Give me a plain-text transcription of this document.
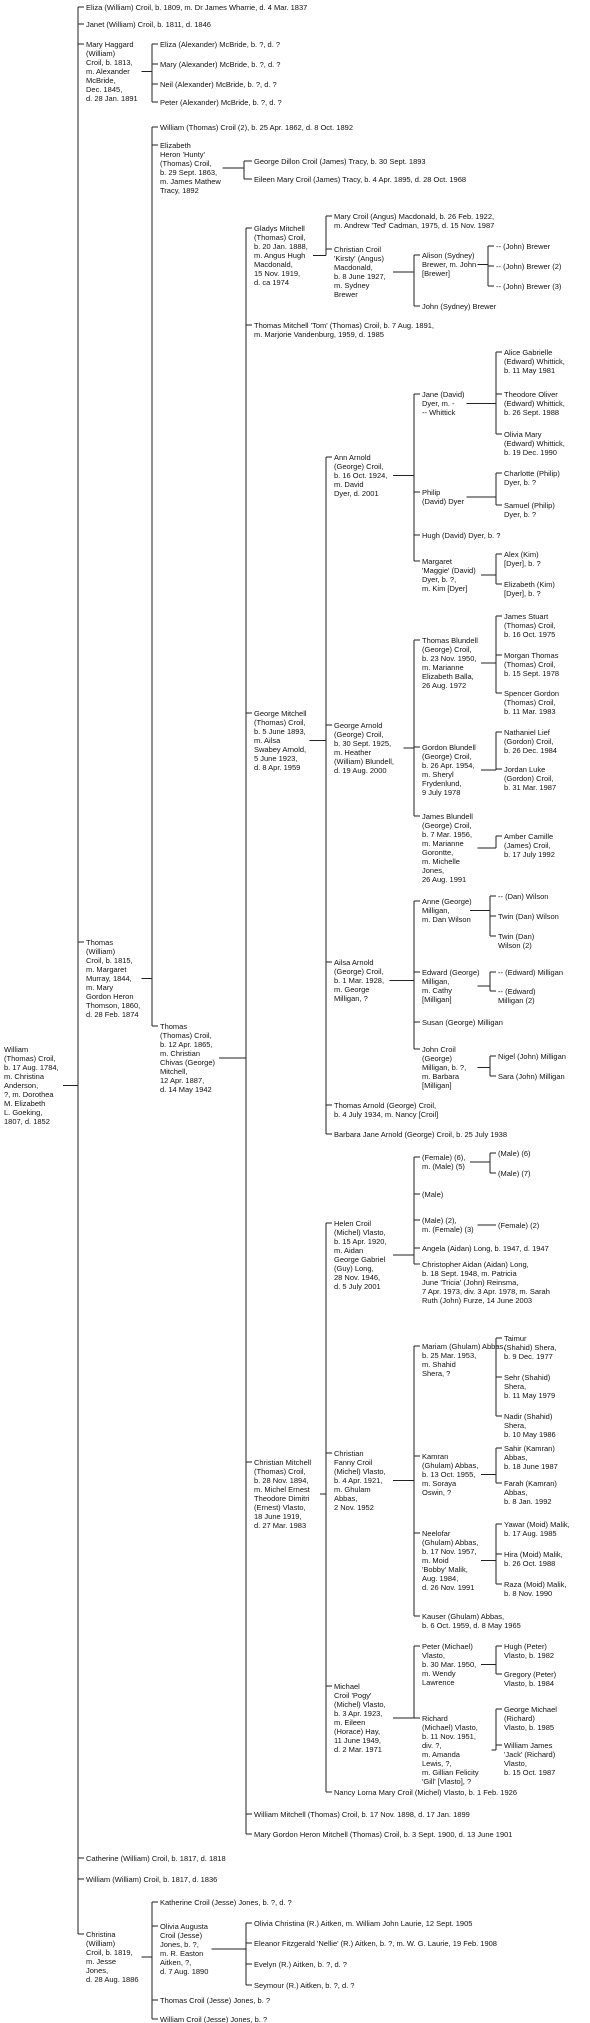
William (Thomas) Croil, b. 17 Aug. 1784, m. Christina Anderson, ?, m. Dorothea M. Elizabeth L. Goeking, 1807, d. 1852
Eliza (William) Croil, b. 1809, m. Dr James Wharrie, d. 4 Mar. 1837
Janet (William) Croil, b. 1811, d. 1846
Mary Haggard (William) Croil, b. 1813, m. Alexander McBride, Dec. 1845, d. 28 Jan. 1891
Eliza (Alexander) McBride, b. ?, d. ?
Mary (Alexander) McBride, b. ?, d. ?
Neil (Alexander) McBride, b. ?, d. ?
Peter (Alexander) McBride, b. ?, d. ?
Thomas (William) Croil, b. 1815, m. Margaret Murray, 1844, m. Mary Gordon Heron Thomson, 1860, d. 28 Feb. 1874
William (Thomas) Croil (2), b. 25 Apr. 1862, d. 8 Oct. 1892
Elizabeth Heron 'Hunty' (Thomas) Croil, b. 29 Sept. 1863, m. James Mathew Tracy, 1892
George Dillon Croil (James) Tracy, b. 30 Sept. 1893
Eileen Mary Croil (James) Tracy, b. 4 Apr. 1895, d. 28 Oct. 1968
Thomas (Thomas) Croil, b. 12 Apr. 1865, m. Christian Chivas (George) Mitchell, 12 Apr. 1887, d. 14 May 1942
Gladys Mitchell (Thomas) Croil, b. 20 Jan. 1888, m. Angus Hugh Macdonald, 15 Nov. 1919, d. ca 1974
Mary Croil (Angus) Macdonald, b. 26 Feb. 1922, m. Andrew 'Ted' Cadman, 1975, d. 15 Nov. 1987
Christian Croil 'Kirsty' (Angus) Macdonald, b. 8 June 1927, m. Sydney Brewer
Alison (Sydney) Brewer, m. John [Brewer]
-- (John) Brewer
-- (John) Brewer (2)
-- (John) Brewer (3)
John (Sydney) Brewer
Thomas Mitchell 'Tom' (Thomas) Croil, b. 7 Aug. 1891, m. Marjorie Vandenburg, 1959, d. 1985
George Mitchell (Thomas) Croil, b. 5 June 1893, m. Ailsa Swabey Arnold, 5 June 1923, d. 8 Apr. 1959
Ann Arnold (George) Croil, b. 16 Oct. 1924, m. David Dyer, d. 2001
Jane (David) Dyer, m. --- Whittick
Alice Gabrielle (Edward) Whittick, b. 11 May 1981
Theodore Oliver (Edward) Whittick, b. 26 Sept. 1988
Olivia Mary (Edward) Whittick, b. 19 Dec. 1990
Philip (David) Dyer
Charlotte (Philip) Dyer, b. ?
Samuel (Philip) Dyer, b. ?
Hugh (David) Dyer, b. ?
Margaret 'Maggie' (David) Dyer, b. ?, m. Kim [Dyer]
Alex (Kim) [Dyer], b. ?
Elizabeth (Kim) [Dyer], b. ?
George Arnold (George) Croil, b. 30 Sept. 1925, m. Heather (William) Blundell, d. 19 Aug. 2000
Thomas Blundell (George) Croil, b. 23 Nov. 1950, m. Marianne Elizabeth Balla, 26 Aug. 1972
James Stuart (Thomas) Croil, b. 16 Oct. 1975
Morgan Thomas (Thomas) Croil, b. 15 Sept. 1978
Spencer Gordon (Thomas) Croil, b. 11 Mar. 1983
Gordon Blundell (George) Croil, b. 26 Apr. 1954, m. Sheryl Frydenlund, 9 July 1978
Nathaniel Lief (Gordon) Croil, b. 26 Dec. 1984
Jordan Luke (Gordon) Croil, b. 31 Mar. 1987
James Blundell (George) Croil, b. 7 Mar. 1956, m. Marianne Gorontte, m. Michelle Jones, 26 Aug. 1991
Amber Camille (James) Croil, b. 17 July 1992
Ailsa Arnold (George) Croil, b. 1 Mar. 1928, m. George Milligan, ?
Anne (George) Milligan, m. Dan Wilson
-- (Dan) Wilson
Twin (Dan) Wilson
Twin (Dan) Wilson (2)
Edward (George) Milligan, m. Cathy [Milligan]
-- (Edward) Milligan
-- (Edward) Milligan (2)
Susan (George) Milligan
John Croil (George) Milligan, b. ?, m. Barbara [Milligan]
Nigel (John) Milligan
Sara (John) Milligan
Thomas Arnold (George) Croil, b. 4 July 1934, m. Nancy [Croil]
Barbara Jane Arnold (George) Croil, b. 25 July 1938
Christian Mitchell (Thomas) Croil, b. 28 Nov. 1894, m. Michel Ernest Theodore Dimitri (Ernest) Vlasto, 18 June 1919, d. 27 Mar. 1983
Helen Croil (Michel) Vlasto, b. 15 Apr. 1920, m. Aidan George Gabriel (Guy) Long, 28 Nov. 1946, d. 5 July 2001
(Female) (6), m. (Male) (5)
(Male) (6)
(Male) (7)
(Male)
(Male) (2), m. (Female) (3)	(Female) (2)
Angela (Aidan) Long, b. 1947, d. 1947
Christopher Aidan (Aidan) Long, b. 18 Sept. 1948, m. Patricia June 'Tricia' (John) Reinsma, 7 Apr. 1973, div. 3 Apr. 1978, m. Sarah Ruth (John) Furze, 14 June 2003
Christian Fanny Croil (Michel) Vlasto, b. 4 Apr. 1921, m. Ghulam Abbas, 2 Nov. 1952
Mariam (Ghulam) Abbas, b. 25 Mar. 1953, m. Shahid Shera, ?
Taimur (Shahid) Shera, b. 9 Dec. 1977
Sehr (Shahid) Shera, b. 11 May 1979
Nadir (Shahid) Shera, b. 10 May 1986
Kamran (Ghulam) Abbas, b. 13 Oct. 1955, m. Soraya Oswin, ?
Sahir (Kamran) Abbas, b. 18 June 1987
Farah (Kamran) Abbas, b. 8 Jan. 1992
Neelofar (Ghulam) Abbas, b. 17 Nov. 1957, m. Moid 'Bobby' Malik, Aug. 1984, d. 26 Nov. 1991
Yawar (Moid) Malik, b. 17 Aug. 1985
Hira (Moid) Malik, b. 26 Oct. 1988
Raza (Moid) Malik, b. 8 Nov. 1990
Kauser (Ghulam) Abbas, b. 6 Oct. 1959, d. 8 May 1965
Michael Croil 'Pogy' (Michel) Vlasto, b. 3 Apr. 1923, m. Eileen (Horace) Hay, 11 June 1949, d. 2 Mar. 1971
Peter (Michael) Vlasto, b. 30 Mar. 1950, m. Wendy Lawrence
Hugh (Peter) Vlasto, b. 1982
Gregory (Peter) Vlasto, b. 1984
Richard (Michael) Vlasto, b. 11 Nov. 1951, div. ?, m. Amanda Lewis, ?, m. Gillian Felicity 'Gill' [Vlasto], ?
George Michael (Richard) Vlasto, b. 1985
William James 'Jack' (Richard) Vlasto, b. 15 Oct. 1987
Nancy Lorna Mary Croil (Michel) Vlasto, b. 1 Feb. 1926
William Mitchell (Thomas) Croil, b. 17 Nov. 1898, d. 17 Jan. 1899
Mary Gordon Heron Mitchell (Thomas) Croil, b. 3 Sept. 1900, d. 13 June 1901
Catherine (William) Croil, b. 1817, d. 1818
William (William) Croil, b. 1817, d. 1836
Christina (William) Croil, b. 1819, m. Jesse Jones, d. 28 Aug. 1886
Katherine Croil (Jesse) Jones, b. ?, d. ?
Olivia Augusta Croil (Jesse) Jones, b. ?, m. R. Easton Aitken, ?, d. 7 Aug. 1890
Olivia Christina (R.) Aitken, m. William John Laurie, 12 Sept. 1905
Eleanor Fitzgerald 'Nellie' (R.) Aitken, b. ?, m. W. G. Laurie, 19 Feb. 1908
Evelyn (R.) Aitken, b. ?, d. ?
Seymour (R.) Aitken, b. ?, d. ?
Thomas Croil (Jesse) Jones, b. ?
William Croil (Jesse) Jones, b. ?
